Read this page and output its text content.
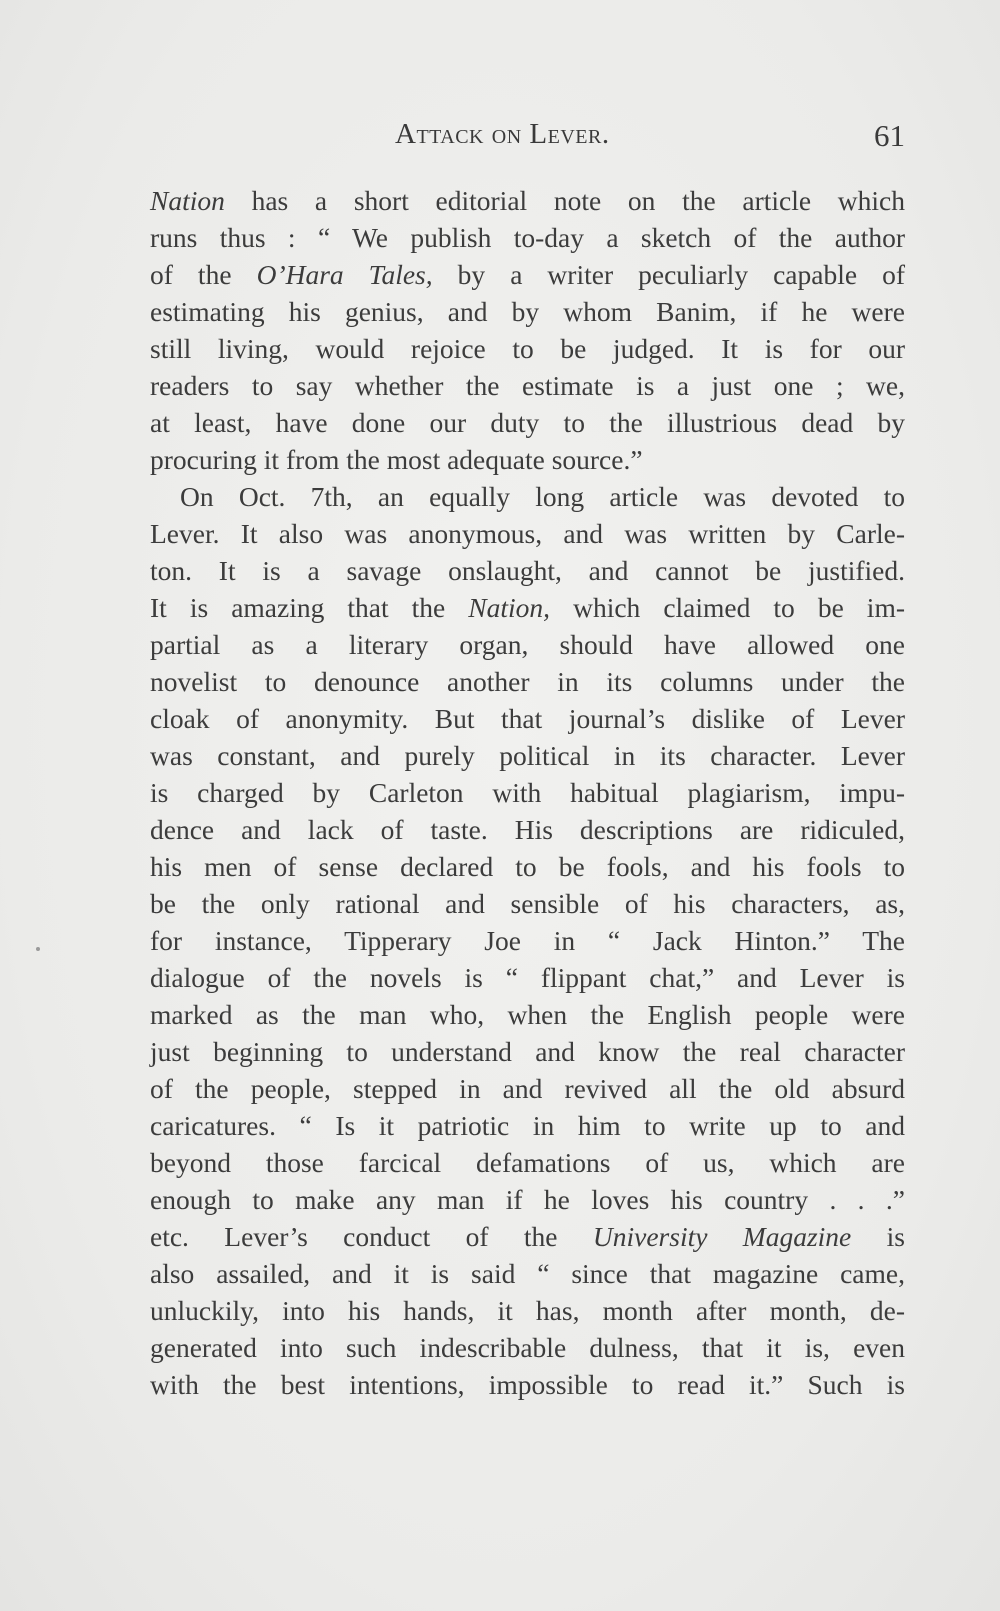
Attack on Lever.	61
Nation has a short editorial note on the article which
runs thus : “ We publish to-day a sketch of the author
of the O’Hara Tales, by a writer peculiarly capable of
estimating his genius, and by whom Banim, if he were
still living, would rejoice to be judged. It is for our
readers to say whether the estimate is a just one ; we,
at least, have done our duty to the illustrious dead by
procuring it from the most adequate source.”
On Oct. 7th, an equally long article was devoted to
Lever. It also was anonymous, and was written by Carle-
ton. It is a savage onslaught, and cannot be justified.
It is amazing that the Nation, which claimed to be im-
partial as a literary organ, should have allowed one
novelist to denounce another in its columns under the
cloak of anonymity. But that journal’s dislike of Lever
was constant, and purely political in its character. Lever
is charged by Carleton with habitual plagiarism, impu-
dence and lack of taste. His descriptions are ridiculed,
his men of sense declared to be fools, and his fools to
be the only rational and sensible of his characters, as,
for instance, Tipperary Joe in “ Jack Hinton.” The
dialogue of the novels is “ flippant chat,” and Lever is
marked as the man who, when the English people were
just beginning to understand and know the real character
of the people, stepped in and revived all the old absurd
caricatures. “ Is it patriotic in him to write up to and
beyond those farcical defamations of us, which are
enough to make any man if he loves his country . . .”
etc. Lever’s conduct of the University Magazine is
also assailed, and it is said “ since that magazine came,
unluckily, into his hands, it has, month after month, de-
generated into such indescribable dulness, that it is, even
with the best intentions, impossible to read it.” Such is
